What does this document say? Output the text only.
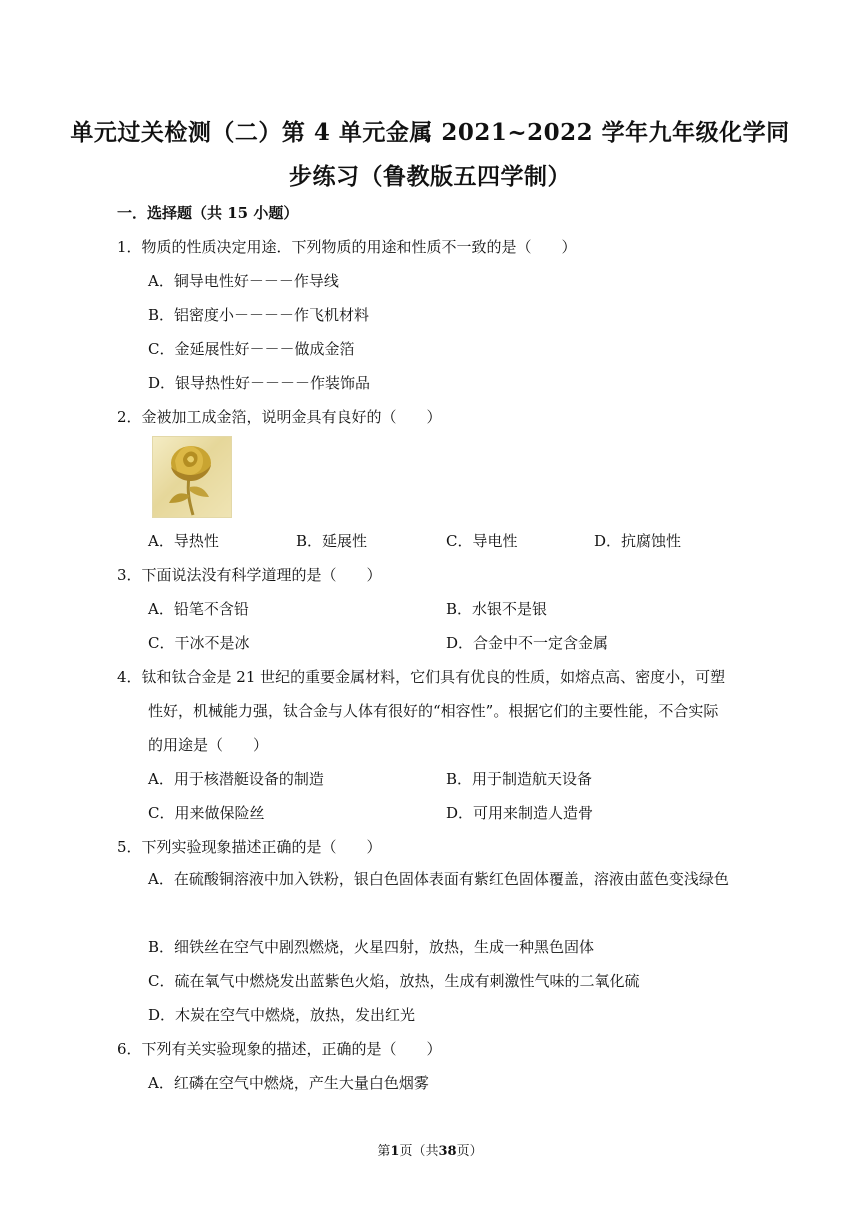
单元过关检测（二）第 4 单元金属 2021~2022 学年九年级化学同
步练习（鲁教版五四学制）
一．选择题（共 15 小题）
1．物质的性质决定用途．下列物质的用途和性质不一致的是（　　）
A．铜导电性好－－－作导线
B．铝密度小－－－－作飞机材料
C．金延展性好－－－做成金箔
D．银导热性好－－－－作装饰品
2．金被加工成金箔，说明金具有良好的（　　）
A．导热性	B．延展性	C．导电性	D．抗腐蚀性
3．下面说法没有科学道理的是（　　）
A．铅笔不含铅	B．水银不是银
C．干冰不是冰	D．合金中不一定含金属
4．钛和钛合金是 21 世纪的重要金属材料，它们具有优良的性质，如熔点高、密度小，可塑
性好，机械能力强，钛合金与人体有很好的“相容性”。根据它们的主要性能，不合实际
的用途是（　　）
A．用于核潜艇设备的制造	B．用于制造航天设备
C．用来做保险丝	D．可用来制造人造骨
5．下列实验现象描述正确的是（　　）
A．在硫酸铜溶液中加入铁粉，银白色固体表面有紫红色固体覆盖，溶液由蓝色变浅绿色
B．细铁丝在空气中剧烈燃烧，火星四射，放热，生成一种黑色固体
C．硫在氧气中燃烧发出蓝紫色火焰，放热，生成有刺激性气味的二氧化硫
D．木炭在空气中燃烧，放热，发出红光
6．下列有关实验现象的描述，正确的是（　　）
A．红磷在空气中燃烧，产生大量白色烟雾
第1页（共38页）
